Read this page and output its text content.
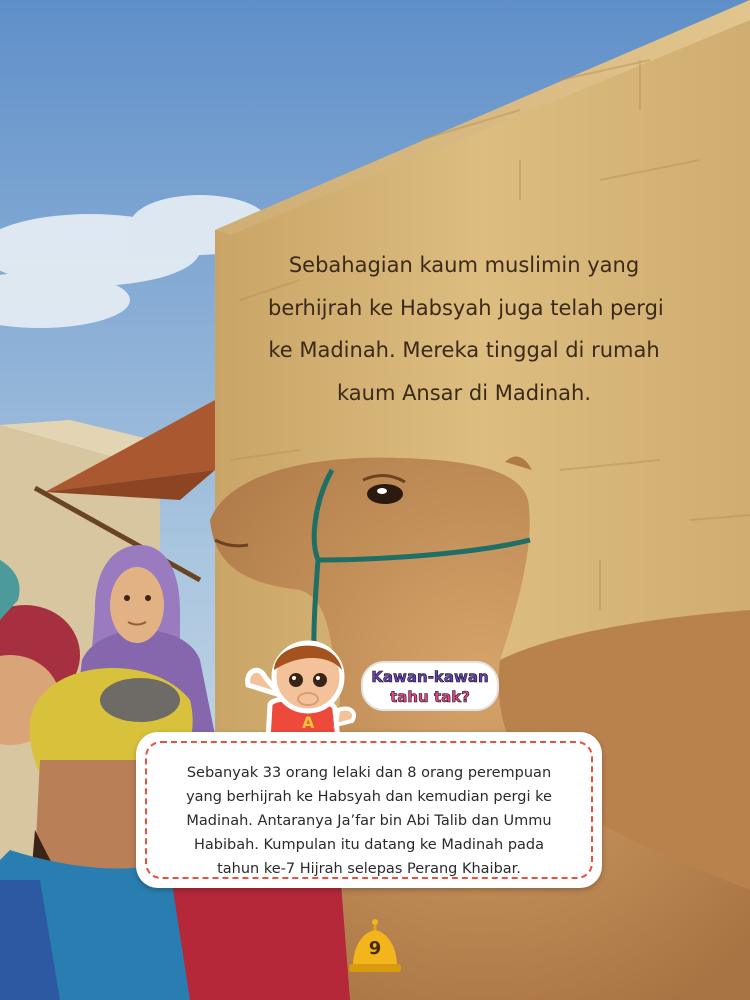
Sebahagian kaum muslimin yang
berhijrah ke Habsyah juga telah pergi
ke Madinah. Mereka tinggal di rumah
kaum Ansar di Madinah.

A
Kawan-kawan
tahu tak?

Sebanyak 33 orang lelaki dan 8 orang perempuan
yang berhijrah ke Habsyah dan kemudian pergi ke
Madinah. Antaranya Ja’far bin Abi Talib dan Ummu
Habibah. Kumpulan itu datang ke Madinah pada
tahun ke-7 Hijrah selepas Perang Khaibar.

9
